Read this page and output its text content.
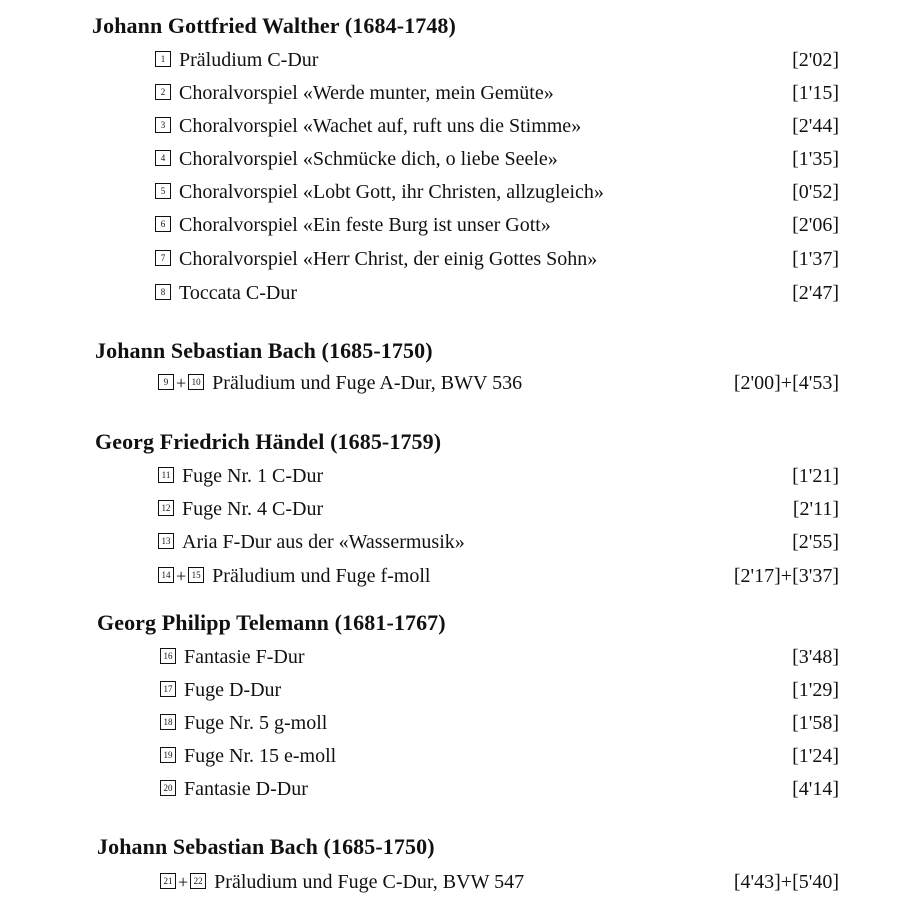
Johann Gottfried Walther (1684-1748)
1 Präludium C-Dur	[2'02]
2 Choralvorspiel «Werde munter, mein Gemüte»	[1'15]
3 Choralvorspiel «Wachet auf, ruft uns die Stimme»	[2'44]
4 Choralvorspiel «Schmücke dich, o liebe Seele»	[1'35]
5 Choralvorspiel «Lobt Gott, ihr Christen, allzugleich»	[0'52]
6 Choralvorspiel «Ein feste Burg ist unser Gott»	[2'06]
7 Choralvorspiel «Herr Christ, der einig Gottes Sohn»	[1'37]
8 Toccata C-Dur	[2'47]
Johann Sebastian Bach (1685-1750)
9 + 10 Präludium und Fuge A-Dur, BWV 536	[2'00]+[4'53]
Georg Friedrich Händel (1685-1759)
11 Fuge Nr. 1 C-Dur	[1'21]
12 Fuge Nr. 4 C-Dur	[2'11]
13 Aria F-Dur aus der «Wassermusik»	[2'55]
14 + 15 Präludium und Fuge f-moll	[2'17]+[3'37]
Georg Philipp Telemann (1681-1767)
16 Fantasie F-Dur	[3'48]
17 Fuge D-Dur	[1'29]
18 Fuge Nr. 5 g-moll	[1'58]
19 Fuge Nr. 15 e-moll	[1'24]
20 Fantasie D-Dur	[4'14]
Johann Sebastian Bach (1685-1750)
21 + 22 Präludium und Fuge C-Dur, BVW 547	[4'43]+[5'40]
